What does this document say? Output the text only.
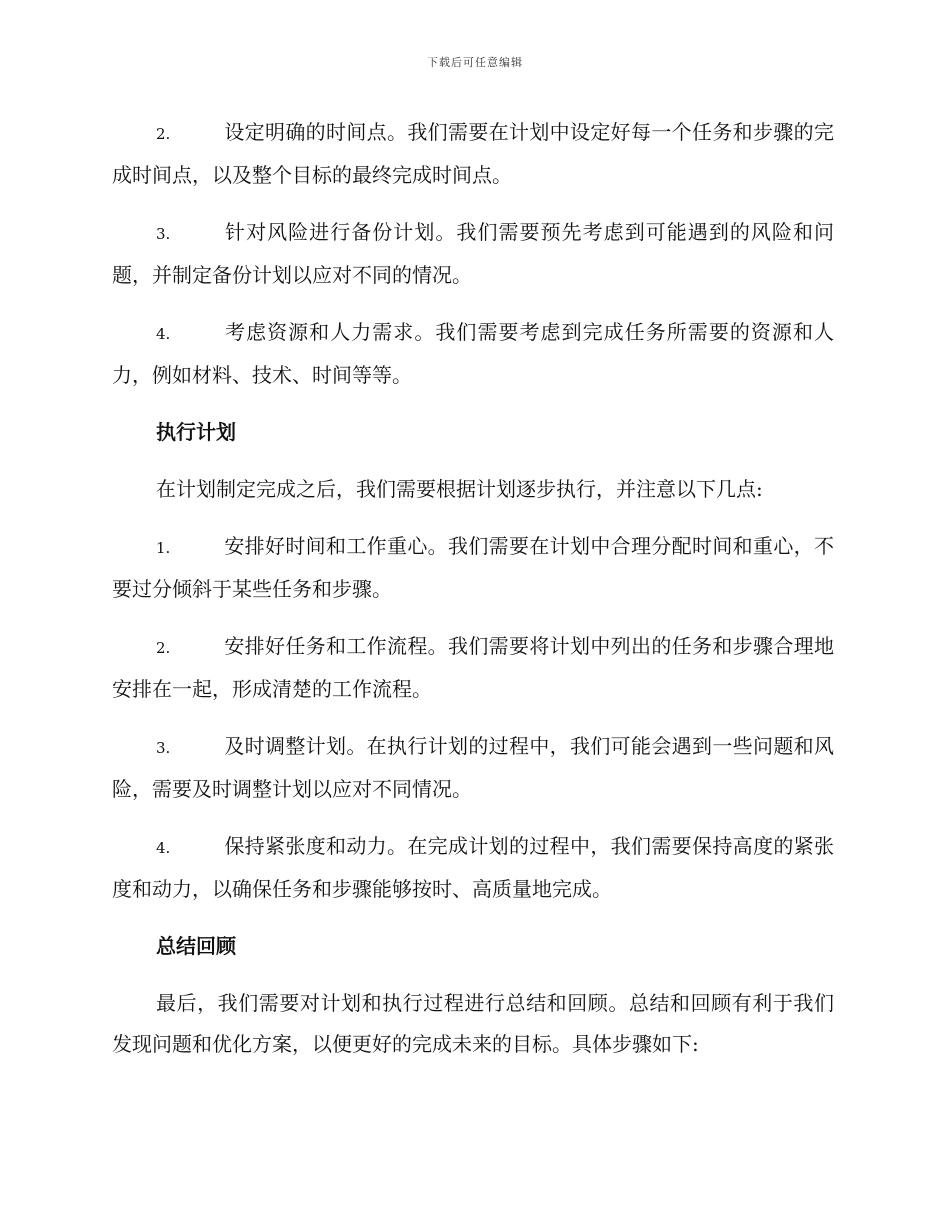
下载后可任意编辑

2.	设定明确的时间点。我们需要在计划中设定好每一个任务和步骤的完成时间点，以及整个目标的最终完成时间点。

3.	针对风险进行备份计划。我们需要预先考虑到可能遇到的风险和问题，并制定备份计划以应对不同的情况。

4.	考虑资源和人力需求。我们需要考虑到完成任务所需要的资源和人力，例如材料、技术、时间等等。

执行计划

在计划制定完成之后，我们需要根据计划逐步执行，并注意以下几点:

1.	安排好时间和工作重心。我们需要在计划中合理分配时间和重心，不要过分倾斜于某些任务和步骤。

2.	安排好任务和工作流程。我们需要将计划中列出的任务和步骤合理地安排在一起，形成清楚的工作流程。

3.	及时调整计划。在执行计划的过程中，我们可能会遇到一些问题和风险，需要及时调整计划以应对不同情况。

4.	保持紧张度和动力。在完成计划的过程中，我们需要保持高度的紧张度和动力，以确保任务和步骤能够按时、高质量地完成。

总结回顾

最后，我们需要对计划和执行过程进行总结和回顾。总结和回顾有利于我们发现问题和优化方案，以便更好的完成未来的目标。具体步骤如下:
